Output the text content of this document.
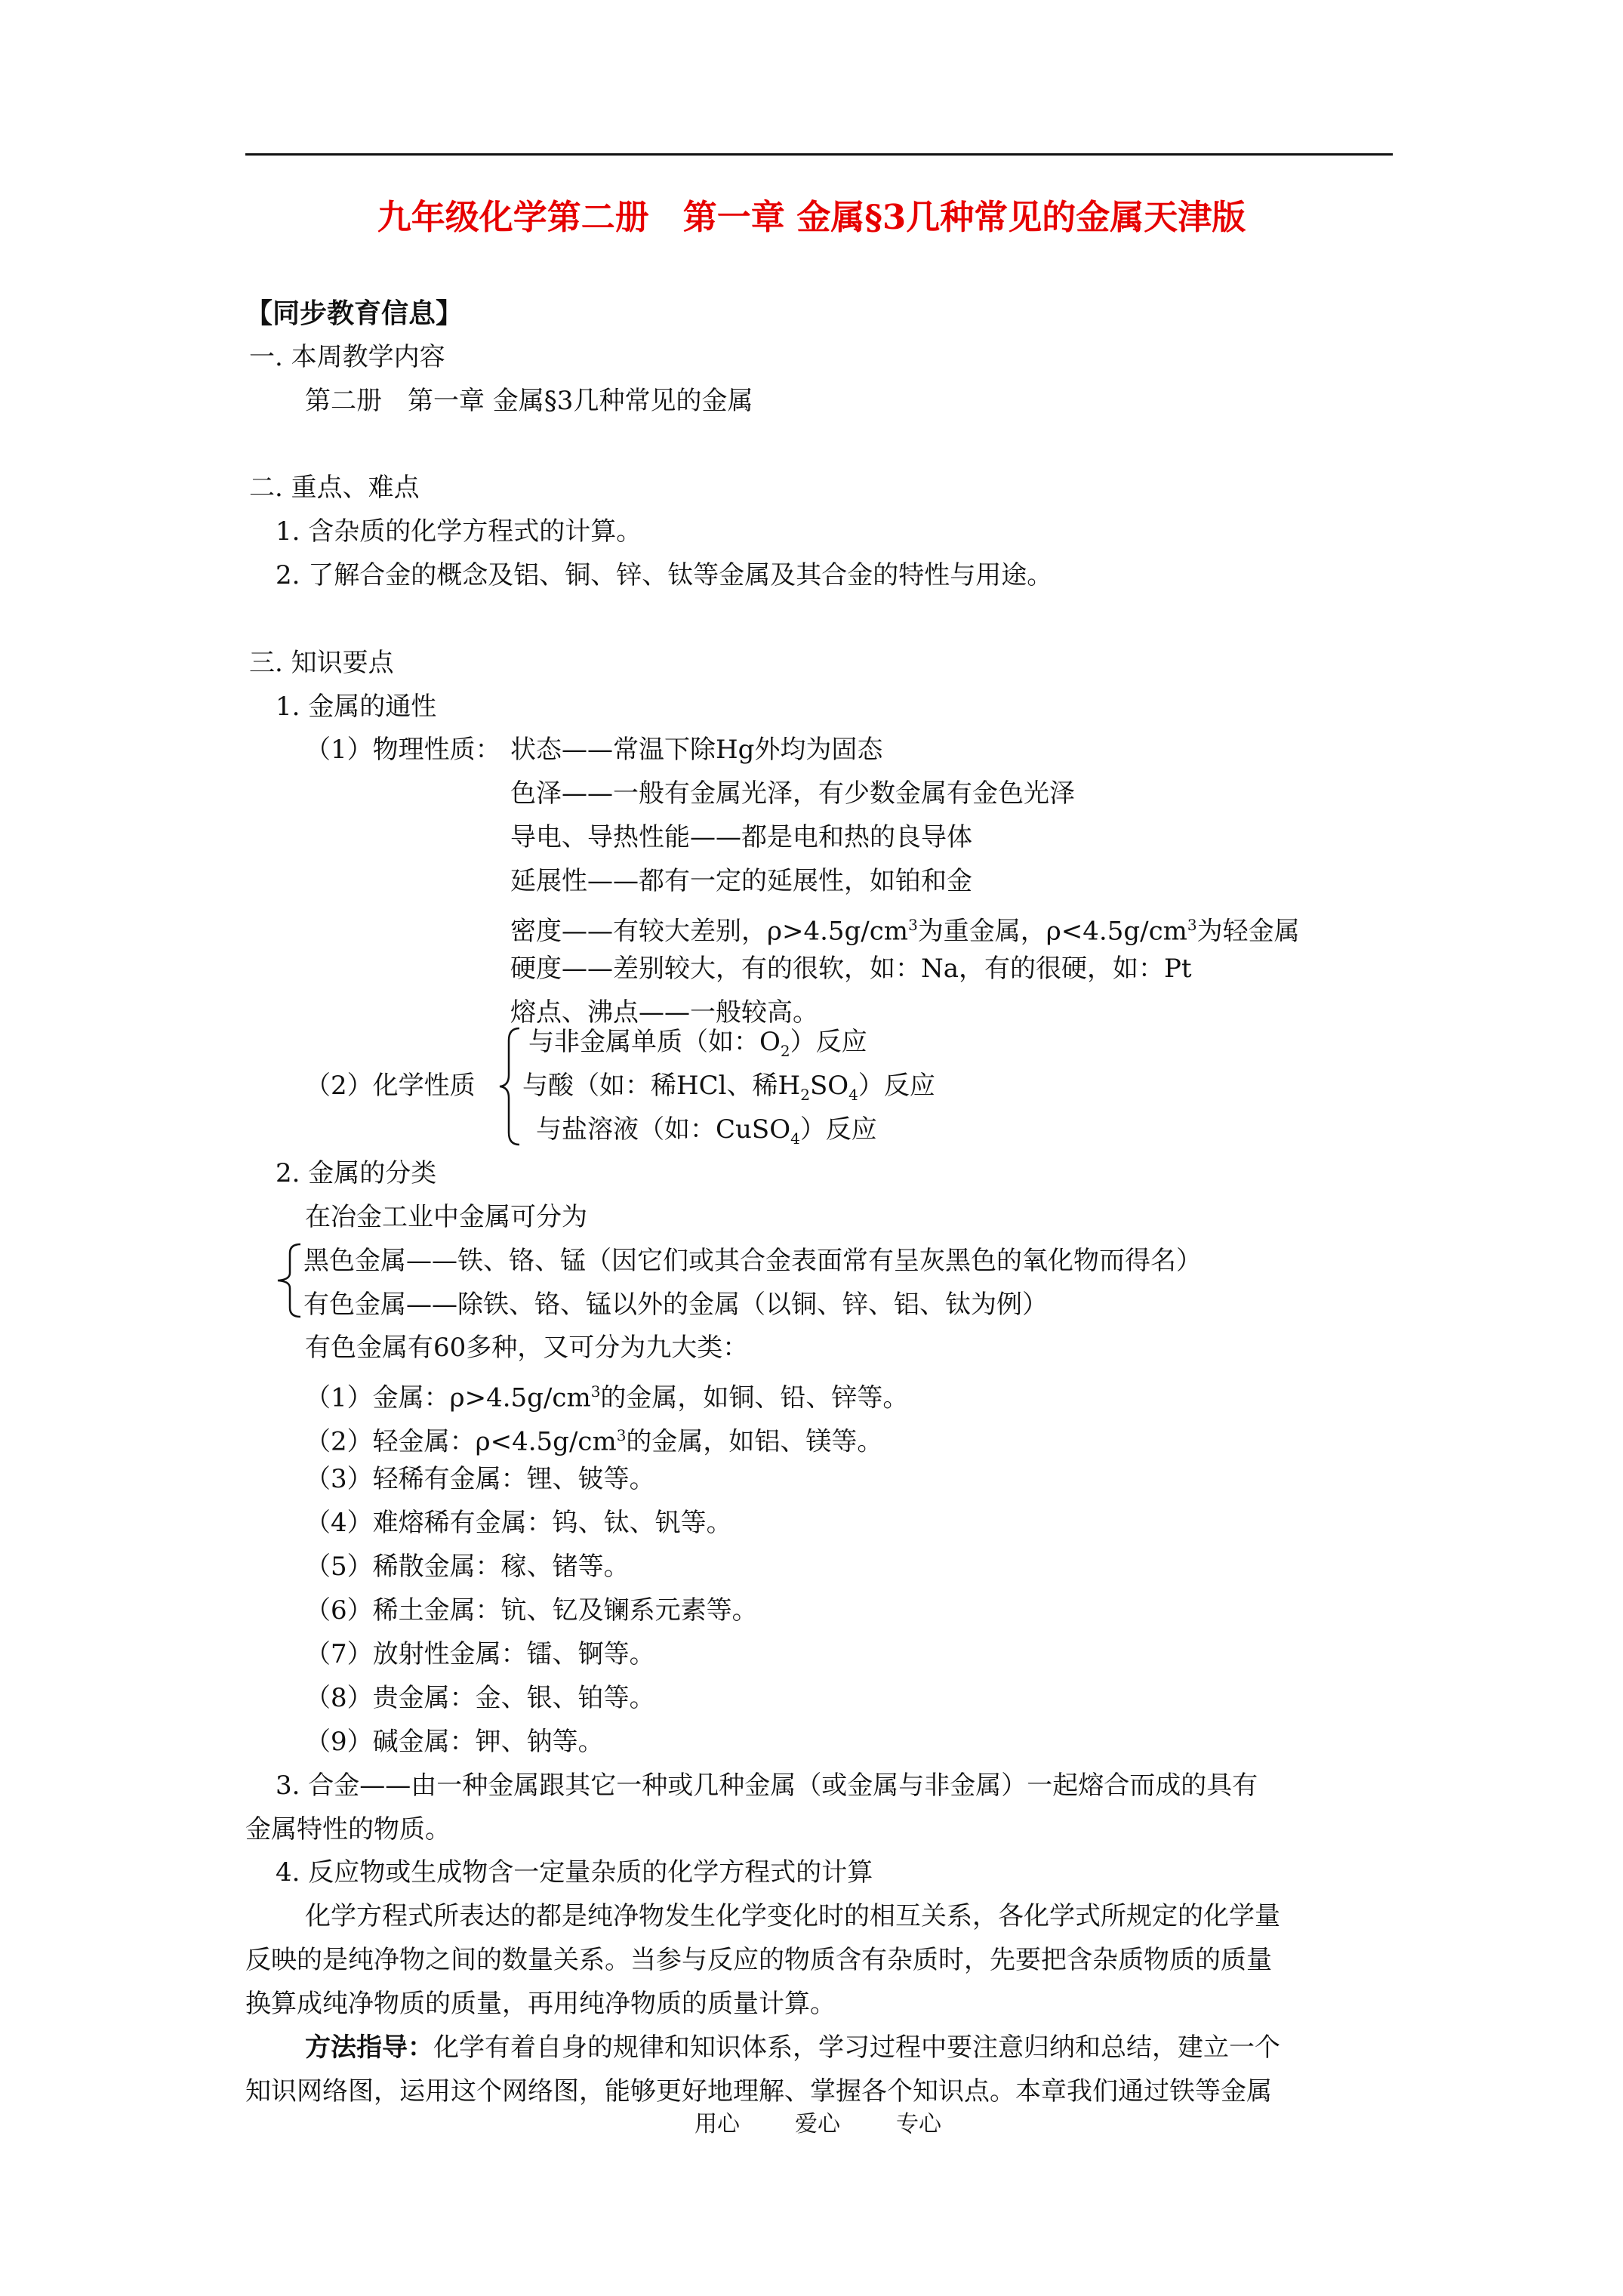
九年级化学第二册　第一章 金属§3几种常见的金属天津版
【同步教育信息】
一. 本周教学内容
第二册　第一章 金属§3几种常见的金属
二. 重点、难点
1. 含杂质的化学方程式的计算。
2. 了解合金的概念及铝、铜、锌、钛等金属及其合金的特性与用途。
三. 知识要点
1. 金属的通性
（1）物理性质： 状态——常温下除Hg外均为固态
色泽——一般有金属光泽，有少数金属有金色光泽
导电、导热性能——都是电和热的良导体
延展性——都有一定的延展性，如铂和金
密度——有较大差别，$\rho>4.5g/cm^3$为重金属，$\rho<4.5g/cm^3$为轻金属
硬度——差别较大，有的很软，如：Na，有的很硬，如：Pt
熔点、沸点——一般较高。
（2）化学性质
与非金属单质（如：$O_2$）反应
与酸（如：稀HCl、稀$H_2SO_4$）反应
与盐溶液（如：CuSO$_4$）反应
2. 金属的分类
在冶金工业中金属可分为
黑色金属——铁、铬、锰（因它们或其合金表面常有呈灰黑色的氧化物而得名）
有色金属——除铁、铬、锰以外的金属（以铜、锌、铝、钛为例）
有色金属有60多种，又可分为九大类：
（1）金属：$\rho>4.5g/cm^3$的金属，如铜、铅、锌等。
（2）轻金属：$\rho<4.5g/cm^3$的金属，如铝、镁等。
（3）轻稀有金属：锂、铍等。
（4）难熔稀有金属：钨、钛、钒等。
（5）稀散金属：稼、锗等。
（6）稀土金属：钪、钇及镧系元素等。
（7）放射性金属：镭、锕等。
（8）贵金属：金、银、铂等。
（9）碱金属：钾、钠等。
3. 合金——由一种金属跟其它一种或几种金属（或金属与非金属）一起熔合而成的具有
金属特性的物质。
4. 反应物或生成物含一定量杂质的化学方程式的计算
化学方程式所表达的都是纯净物发生化学变化时的相互关系，各化学式所规定的化学量
反映的是纯净物之间的数量关系。当参与反应的物质含有杂质时，先要把含杂质物质的质量
换算成纯净物质的质量，再用纯净物质的质量计算。
方法指导：化学有着自身的规律和知识体系，学习过程中要注意归纳和总结，建立一个
知识网络图，运用这个网络图，能够更好地理解、掌握各个知识点。本章我们通过铁等金属
用心 爱心 专心
